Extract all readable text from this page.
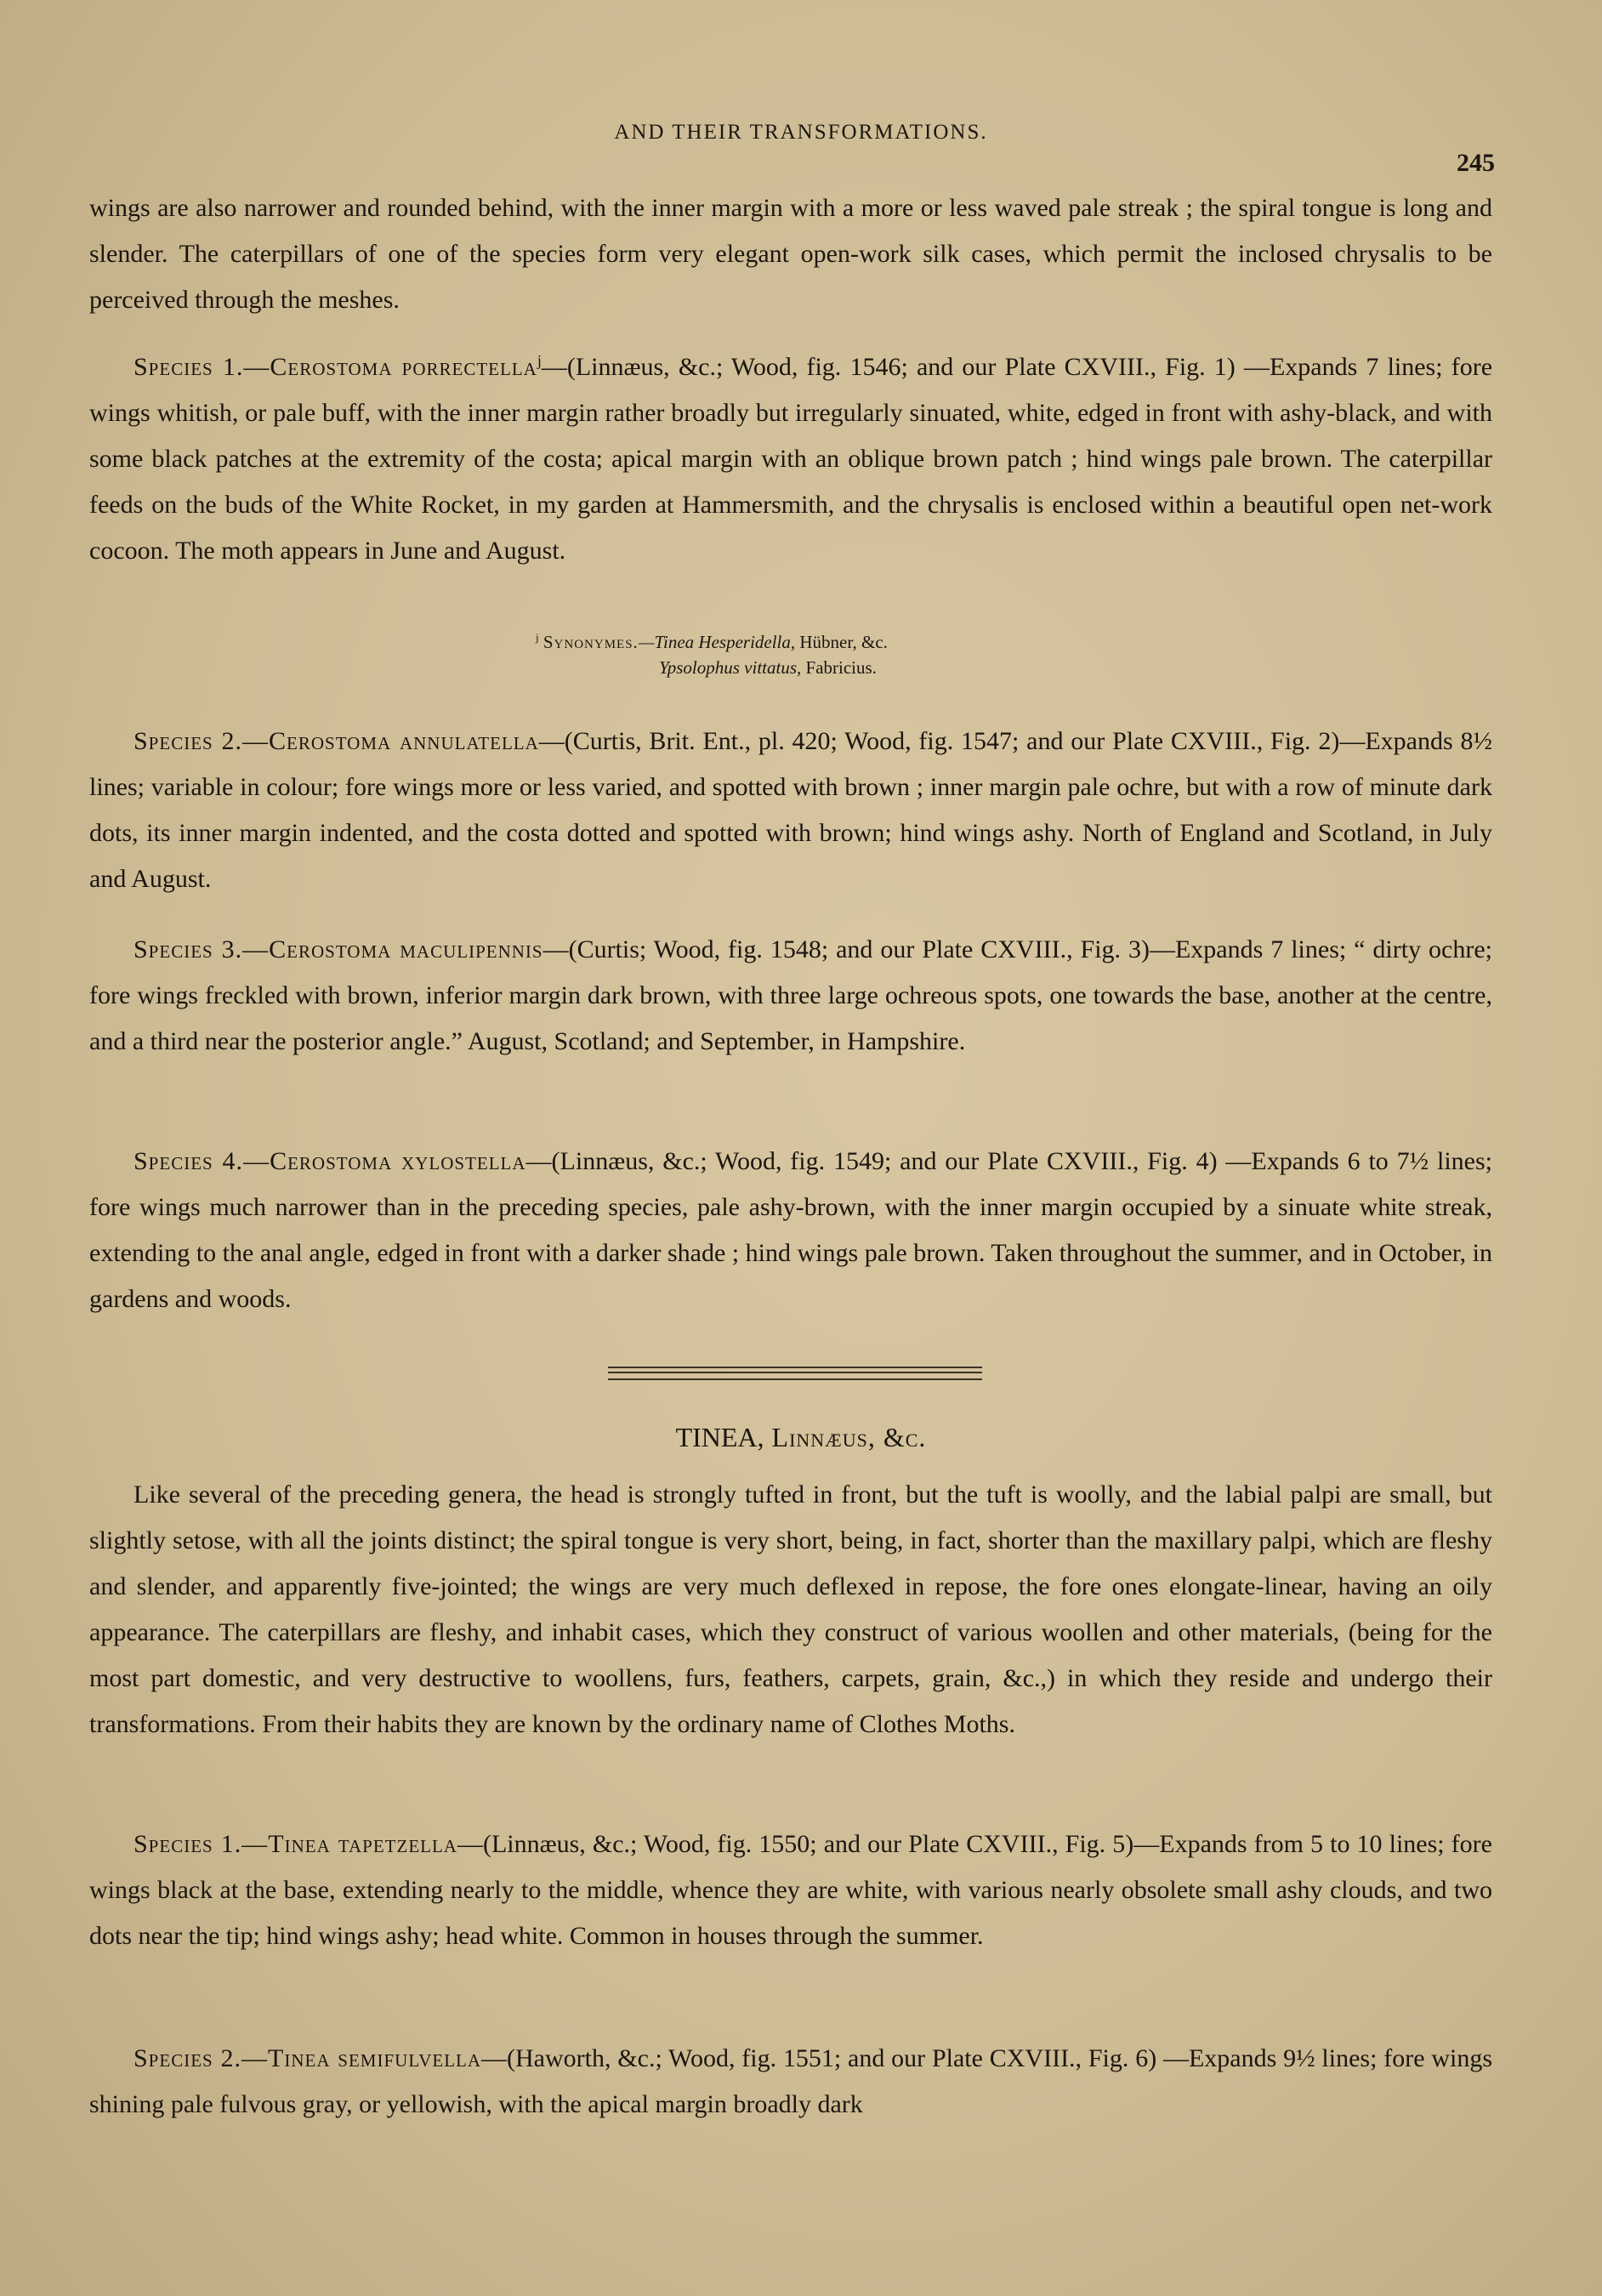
AND THEIR TRANSFORMATIONS.
245

wings are also narrower and rounded behind, with the inner margin with a more or less waved pale streak ; the spiral tongue is long and slender. The caterpillars of one of the species form very elegant open-work silk cases, which permit the inclosed chrysalis to be perceived through the meshes.

Species 1.—Cerostoma porrectella$^j$—(Linnæus, &c.; Wood, fig. 1546; and our Plate CXVIII., Fig. 1) —Expands 7 lines; fore wings whitish, or pale buff, with the inner margin rather broadly but irregularly sinuated, white, edged in front with ashy-black, and with some black patches at the extremity of the costa; apical margin with an oblique brown patch ; hind wings pale brown. The caterpillar feeds on the buds of the White Rocket, in my garden at Hammersmith, and the chrysalis is enclosed within a beautiful open net-work cocoon. The moth appears in June and August.

$^j$ Synonymes.—Tinea Hesperidella, Hübner, &c.
Ypsolophus vittatus, Fabricius.

Species 2.—Cerostoma annulatella—(Curtis, Brit. Ent., pl. 420; Wood, fig. 1547; and our Plate CXVIII., Fig. 2)—Expands 8½ lines; variable in colour; fore wings more or less varied, and spotted with brown ; inner margin pale ochre, but with a row of minute dark dots, its inner margin indented, and the costa dotted and spotted with brown; hind wings ashy. North of England and Scotland, in July and August.

Species 3.—Cerostoma maculipennis—(Curtis; Wood, fig. 1548; and our Plate CXVIII., Fig. 3)—Expands 7 lines; “ dirty ochre; fore wings freckled with brown, inferior margin dark brown, with three large ochreous spots, one towards the base, another at the centre, and a third near the posterior angle.” August, Scotland; and September, in Hampshire.

Species 4.—Cerostoma xylostella—(Linnæus, &c.; Wood, fig. 1549; and our Plate CXVIII., Fig. 4) —Expands 6 to 7½ lines; fore wings much narrower than in the preceding species, pale ashy-brown, with the inner margin occupied by a sinuate white streak, extending to the anal angle, edged in front with a darker shade ; hind wings pale brown. Taken throughout the summer, and in October, in gardens and woods.

TINEA, Linnæus, &c.

Like several of the preceding genera, the head is strongly tufted in front, but the tuft is woolly, and the labial palpi are small, but slightly setose, with all the joints distinct; the spiral tongue is very short, being, in fact, shorter than the maxillary palpi, which are fleshy and slender, and apparently five-jointed; the wings are very much deflexed in repose, the fore ones elongate-linear, having an oily appearance. The caterpillars are fleshy, and inhabit cases, which they construct of various woollen and other materials, (being for the most part domestic, and very destructive to woollens, furs, feathers, carpets, grain, &c.,) in which they reside and undergo their transformations. From their habits they are known by the ordinary name of Clothes Moths.

Species 1.—Tinea tapetzella—(Linnæus, &c.; Wood, fig. 1550; and our Plate CXVIII., Fig. 5)—Expands from 5 to 10 lines; fore wings black at the base, extending nearly to the middle, whence they are white, with various nearly obsolete small ashy clouds, and two dots near the tip; hind wings ashy; head white. Common in houses through the summer.

Species 2.—Tinea semifulvella—(Haworth, &c.; Wood, fig. 1551; and our Plate CXVIII., Fig. 6) —Expands 9½ lines; fore wings shining pale fulvous gray, or yellowish, with the apical margin broadly dark
